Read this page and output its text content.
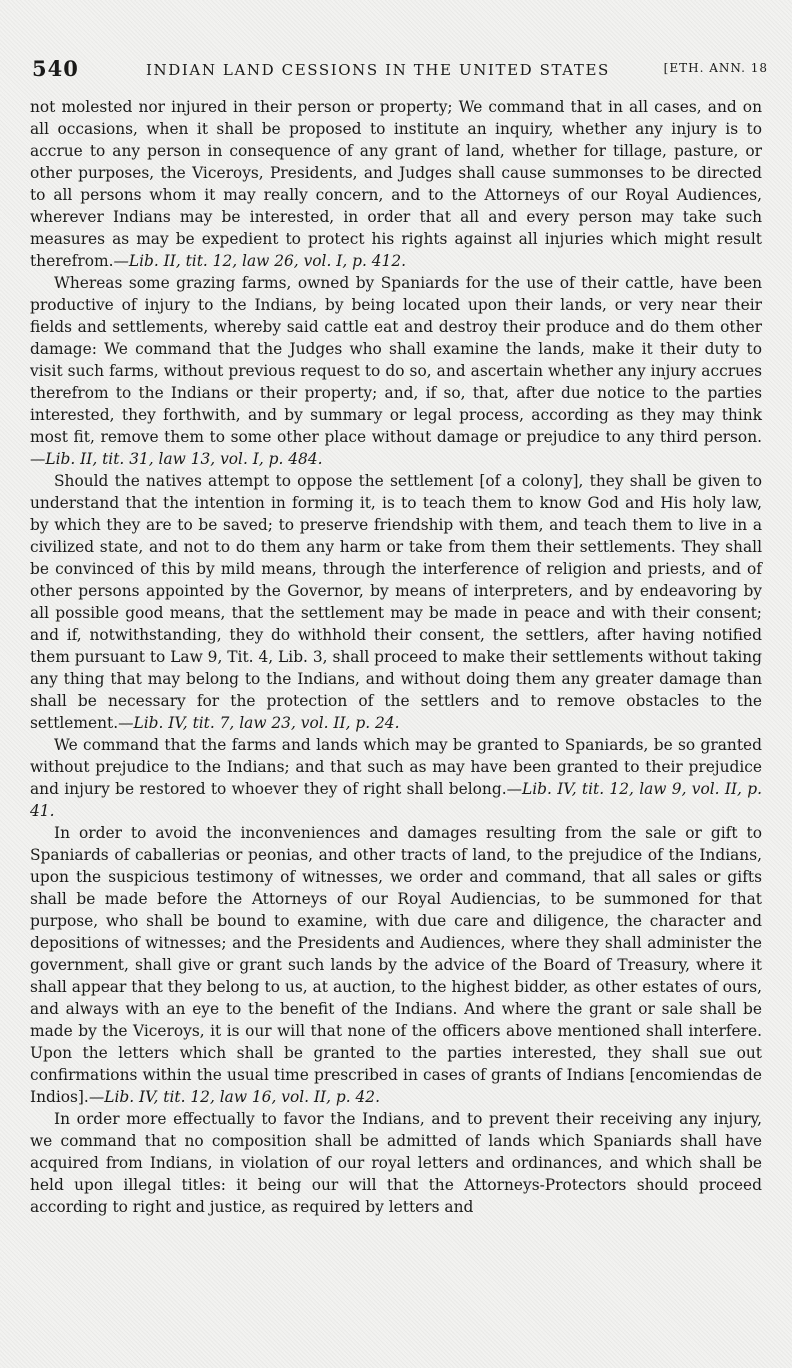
540	INDIAN LAND CESSIONS IN THE UNITED STATES	[ETH. ANN. 18

not molested nor injured in their person or property; We command that in all cases, and on all occasions, when it shall be proposed to institute an inquiry, whether any injury is to accrue to any person in consequence of any grant of land, whether for tillage, pasture, or other purposes, the Viceroys, Presidents, and Judges shall cause summonses to be directed to all persons whom it may really concern, and to the Attorneys of our Royal Audiences, wherever Indians may be interested, in order that all and every person may take such measures as may be expedient to protect his rights against all injuries which might result therefrom.—Lib. II, tit. 12, law 26, vol. I, p. 412.

Whereas some grazing farms, owned by Spaniards for the use of their cattle, have been productive of injury to the Indians, by being located upon their lands, or very near their fields and settlements, whereby said cattle eat and destroy their produce and do them other damage: We command that the Judges who shall examine the lands, make it their duty to visit such farms, without previous request to do so, and ascertain whether any injury accrues therefrom to the Indians or their property; and, if so, that, after due notice to the parties interested, they forthwith, and by summary or legal process, according as they may think most fit, remove them to some other place without damage or prejudice to any third person.—Lib. II, tit. 31, law 13, vol. I, p. 484.

Should the natives attempt to oppose the settlement [of a colony], they shall be given to understand that the intention in forming it, is to teach them to know God and His holy law, by which they are to be saved; to preserve friendship with them, and teach them to live in a civilized state, and not to do them any harm or take from them their settlements. They shall be convinced of this by mild means, through the interference of religion and priests, and of other persons appointed by the Governor, by means of interpreters, and by endeavoring by all possible good means, that the settlement may be made in peace and with their consent; and if, notwithstanding, they do withhold their consent, the settlers, after having notified them pursuant to Law 9, Tit. 4, Lib. 3, shall proceed to make their settlements without taking any thing that may belong to the Indians, and without doing them any greater damage than shall be necessary for the protection of the settlers and to remove obstacles to the settlement.—Lib. IV, tit. 7, law 23, vol. II, p. 24.

We command that the farms and lands which may be granted to Spaniards, be so granted without prejudice to the Indians; and that such as may have been granted to their prejudice and injury be restored to whoever they of right shall belong.—Lib. IV, tit. 12, law 9, vol. II, p. 41.

In order to avoid the inconveniences and damages resulting from the sale or gift to Spaniards of caballerias or peonias, and other tracts of land, to the prejudice of the Indians, upon the suspicious testimony of witnesses, we order and command, that all sales or gifts shall be made before the Attorneys of our Royal Audiencias, to be summoned for that purpose, who shall be bound to examine, with due care and diligence, the character and depositions of witnesses; and the Presidents and Audiences, where they shall administer the government, shall give or grant such lands by the advice of the Board of Treasury, where it shall appear that they belong to us, at auction, to the highest bidder, as other estates of ours, and always with an eye to the benefit of the Indians. And where the grant or sale shall be made by the Viceroys, it is our will that none of the officers above mentioned shall interfere. Upon the letters which shall be granted to the parties interested, they shall sue out confirmations within the usual time prescribed in cases of grants of Indians [encomiendas de Indios].—Lib. IV, tit. 12, law 16, vol. II, p. 42.

In order more effectually to favor the Indians, and to prevent their receiving any injury, we command that no composition shall be admitted of lands which Spaniards shall have acquired from Indians, in violation of our royal letters and ordinances, and which shall be held upon illegal titles: it being our will that the Attorneys-Protectors should proceed according to right and justice, as required by letters and
